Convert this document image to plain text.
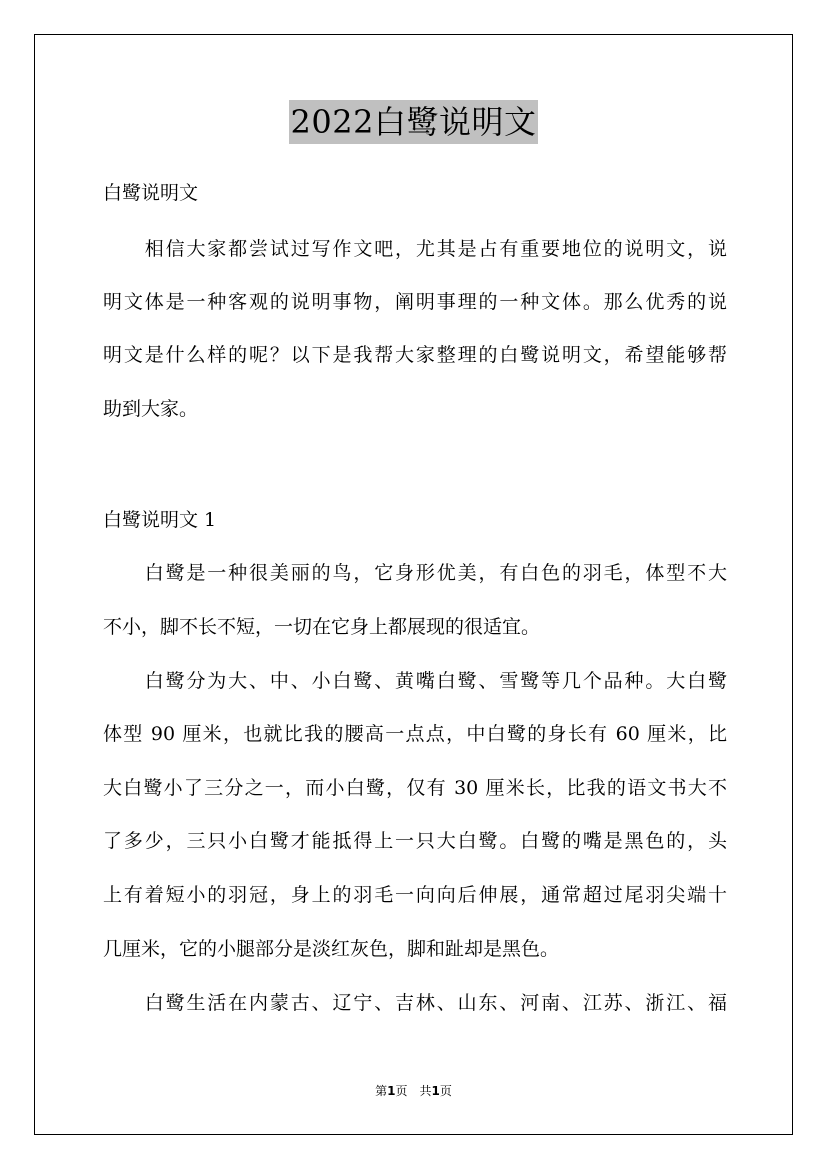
2022白鹭说明文
白鹭说明文
　　相信大家都尝试过写作文吧，尤其是占有重要地位的说明文，说
明文体是一种客观的说明事物，阐明事理的一种文体。那么优秀的说
明文是什么样的呢？以下是我帮大家整理的白鹭说明文，希望能够帮
助到大家。
白鹭说明文 1
　　白鹭是一种很美丽的鸟，它身形优美，有白色的羽毛，体型不大
不小，脚不长不短，一切在它身上都展现的很适宜。
　　白鹭分为大、中、小白鹭、黄嘴白鹭、雪鹭等几个品种。大白鹭
体型 90 厘米，也就比我的腰高一点点，中白鹭的身长有 60 厘米，比
大白鹭小了三分之一，而小白鹭，仅有 30 厘米长，比我的语文书大不
了多少，三只小白鹭才能抵得上一只大白鹭。白鹭的嘴是黑色的，头
上有着短小的羽冠，身上的羽毛一向向后伸展，通常超过尾羽尖端十
几厘米，它的小腿部分是淡红灰色，脚和趾却是黑色。
　　白鹭生活在内蒙古、辽宁、吉林、山东、河南、江苏、浙江、福
第1页　共1页
